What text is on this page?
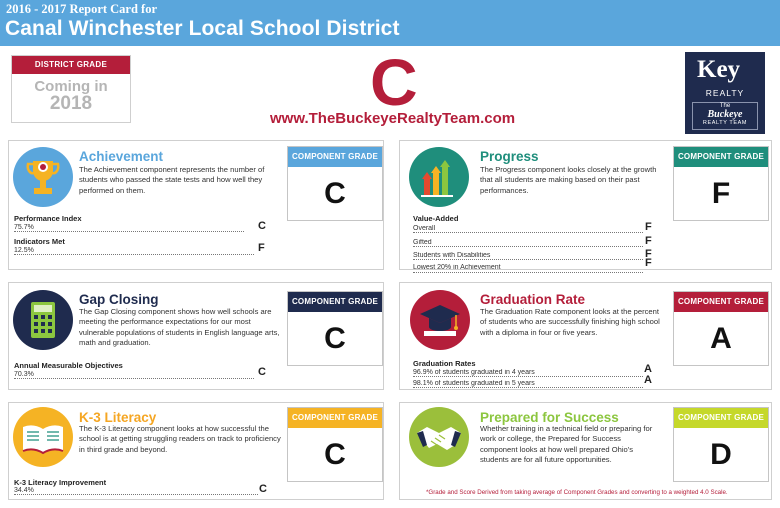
2016 - 2017 Report Card for
Canal Winchester Local School District
DISTRICT GRADE
Coming in
2018	C
www.TheBuckeyeRealtyTeam.com
Key
REALTY
The
Buckeye
REALTY TEAM
Achievement
The Achievement component represents the number of students who passed the state tests and how well they performed on them.
COMPONENT GRADE
C
Performance Index
75.7%	C
Indicators Met
12.5%	F
Progress
The Progress component looks closely at the growth that all students are making based on their past performances.
COMPONENT GRADE
F
Value-Added
Overall	F
Gifted	F
Students with Disabilities	F
Lowest 20% in Achievement	F
Gap Closing
The Gap Closing component shows how well schools are meeting the performance expectations for our most vulnerable populations of students in English language arts, math and graduation.
COMPONENT GRADE
C
Annual Measurable Objectives
70.3%	C
Graduation Rate
The Graduation Rate component looks at the percent of students who are successfully finishing high school with a diploma in four or five years.
COMPONENT GRADE
A
Graduation Rates
96.9% of students graduated in 4 years	A
98.1% of students graduated in 5 years	A
K-3 Literacy
The K-3 Literacy component looks at how successful the school is at getting struggling readers on track to proficiency in third grade and beyond.
COMPONENT GRADE
C
K-3 Literacy Improvement
34.4%	C
Prepared for Success
Whether training in a technical field or preparing for work or college, the Prepared for Success component looks at how well prepared Ohio's students are for all future opportunities.
COMPONENT GRADE
D
*Grade and Score Derived from taking average of Component Grades and converting to a weighted 4.0 Scale.
